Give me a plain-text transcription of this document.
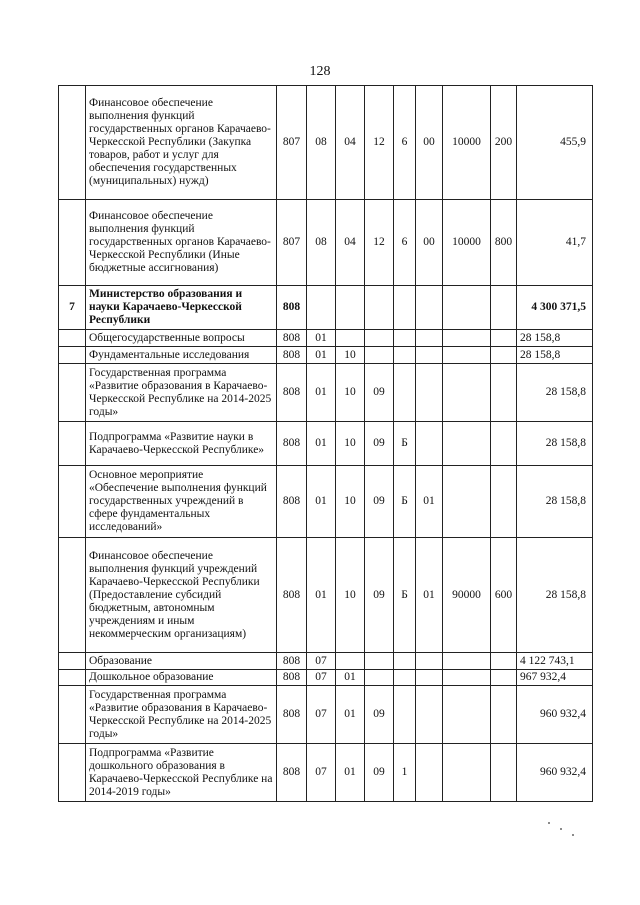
128
	Финансовое обеспечение выполнения функций государственных органов Карачаево-Черкесской Республики (Закупка товаров, работ и услуг для обеспечения государственных (муниципальных) нужд)	807	08	04	12	6	00	10000	200	455,9
	Финансовое обеспечение выполнения функций государственных органов Карачаево-Черкесской Республики (Иные бюджетные ассигнования)	807	08	04	12	6	00	10000	800	41,7
7	Министерство образования и науки Карачаево-Черкесской Республики	808								4 300 371,5
	Общегосударственные вопросы	808	01							28 158,8
	Фундаментальные исследования	808	01	10						28 158,8
	Государственная программа «Развитие образования в Карачаево-Черкесской Республике на 2014-2025 годы»	808	01	10	09					28 158,8
	Подпрограмма «Развитие науки в Карачаево-Черкесской Республике»	808	01	10	09	Б				28 158,8
	Основное мероприятие «Обеспечение выполнения функций государственных учреждений в сфере фундаментальных исследований»	808	01	10	09	Б	01			28 158,8
	Финансовое обеспечение выполнения функций учреждений Карачаево-Черкесской Республики (Предоставление субсидий бюджетным, автономным учреждениям и иным некоммерческим организациям)	808	01	10	09	Б	01	90000	600	28 158,8
	Образование	808	07							4 122 743,1
	Дошкольное образование	808	07	01						967 932,4
	Государственная программа «Развитие образования в Карачаево-Черкесской Республике на 2014-2025 годы»	808	07	01	09					960 932,4
	Подпрограмма «Развитие дошкольного образования в Карачаево-Черкесской Республике на 2014-2019 годы»	808	07	01	09	1				960 932,4
